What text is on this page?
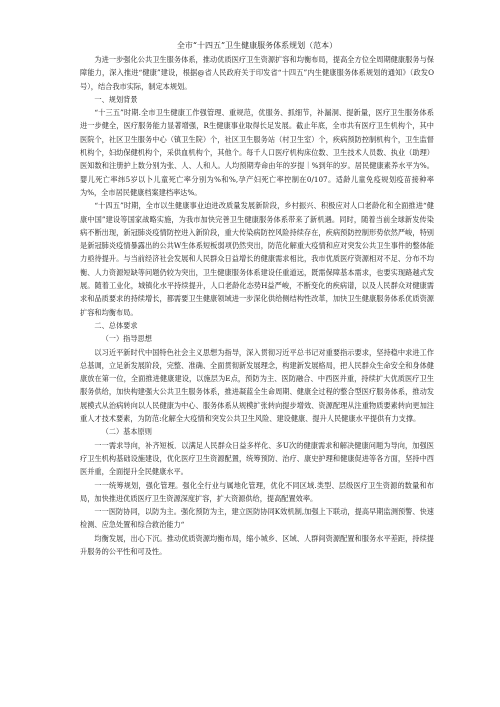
全市“十四五”卫生健康服务体系规划（范本）

为进一步强化公共卫生服务体系，推动优质医疗卫生资源扩容和均衡布局，提高全方位全周期健康服务与保障能力，深入推进“健康”建设，根据@省人民政府关于印发省“十四五”内生健康服务体系规划的通知》（政发O号），结合我市实际，制定本规划。

一、规划背景

“十三五”时期.全市卫生健康工作强管理、重规范，优服务、抓细节，补漏洞、提新量，医疗卫生服务体系进一步健全，医疗服务能力显著增强，R生健康事业取得长足发展。截止年底，全市共有医疗卫生机构个，其中医院个，社区卫生服务中心（镇卫生院）个，社区卫生服务站（村卫生室）个，疾病预防控制机构个，卫生监督机构个，妇幼保健机构个，采供血机构个，其他个。每千人口医疗机构床位数、卫生技术人员数、执业（助理）医知数和注册护上数分别为张、人、人和人。人均预期寿命由年的岁提｜%到年的岁。居民健康素养水平为%。婴儿死亡率纬5岁以卜儿童死亡率分别为%和%,孕产妇死亡率控制在0/107。适龄儿童免疫规划疫苗接种率为%，全市居民健康档案建档率达%。

“十四五”时期，全市以生健康事业迫进改质量发展新阶段，乡村振兴、积极应对人口老龄化和全面推进“健康中国”建设等国家战略实施，为我市加快完善卫生健康服务体系带来了新机遇。同时，随着当前全球新发传染病不断出现，新冠肺炎疫情防控进入新阶段，重大传染病防控风险持续存在，疾病预防控制形势依然严峻，特别是新冠肺炎疫情暴露出的公共W生体系短板弱项仍然突出，防范化解重大疫情和应对突发公共卫生事件的整体能力亟待提升。与当前经济社会发展和人民群众日益增长的健康需求相比，我市优质医疗资源相对不足、分布不均衡、人力资源短缺等问题仍较为突出，卫生健康服务体系建设任重道远，既需保障基本需求，也要实现路越式发展。随着工业化，城镇化水平持续提升，人口老龄化态势H益严峻，不断变化的疾病谱，以及人民群众对健康需求和品质要求的持续增长，都需要卫生健康领域进一步深化供给侧结构性改革，加快卫生健康服务体系优质资源扩容和均衡布局。

二、总体要求
（一）指导思想

以习近平新时代中国特色社会主义思想为指导，深入贯彻习近平总书记对重要指示要求，坚持稳中求进工作总基调，立足新发展阶段，完整、准确、全面贯彻新发展理念，构建新发展格局，把人民群众生命安全和身体健康放在第一位，全面推进健康建设，以施层为E点，预防为主、医防融合、中西医并重，持续扩大优质医疗卫生服务供给，加快构建强大公共卫生服务体系，推进凝蓝全生命周期、健康全过程的整合型医疗服务体系，推动发展模式从治病转向以人民健康为中心、服务体系从规模扩张转向提步增效、资源配理从注重物质要素转向更加注重人才技术要素，为防范:化解全大疫情和突发公共卫生风险、建设健康、提升人民健康水平提供有力支撑。

（二）基本原则

一一需求导向，补齐短板．以满足人民群众日益多样化、多U次的健康需求和解决健康问题为导向，加强医疗卫生机构基础设施建设，优化医疗卫生资源配置，统筹预防、治疗、康史护理和健康促进等各方面，坚持中西医并重，全面提升全民健康水平。

一一统筹规划，强化管理。强化全行业与属地化管理，优化不同区域.类型、层级医疗卫生资源的数量和布局，加快推进优质医疗卫生资源深度扩容，扩大资源供给，提高配置效率。

一一医防协同，以防为主。强化预防为主，建立医防协同K效机制,加强上下联动，提高早期监测预警、快速检测、应急处置和综合救治能力“

均衡发展，出心下沉。推动优质资源均衡布局，缩小城乡、区域、人群间资源配置和服务水平差距，持续提升服务的公平性和可及性。
